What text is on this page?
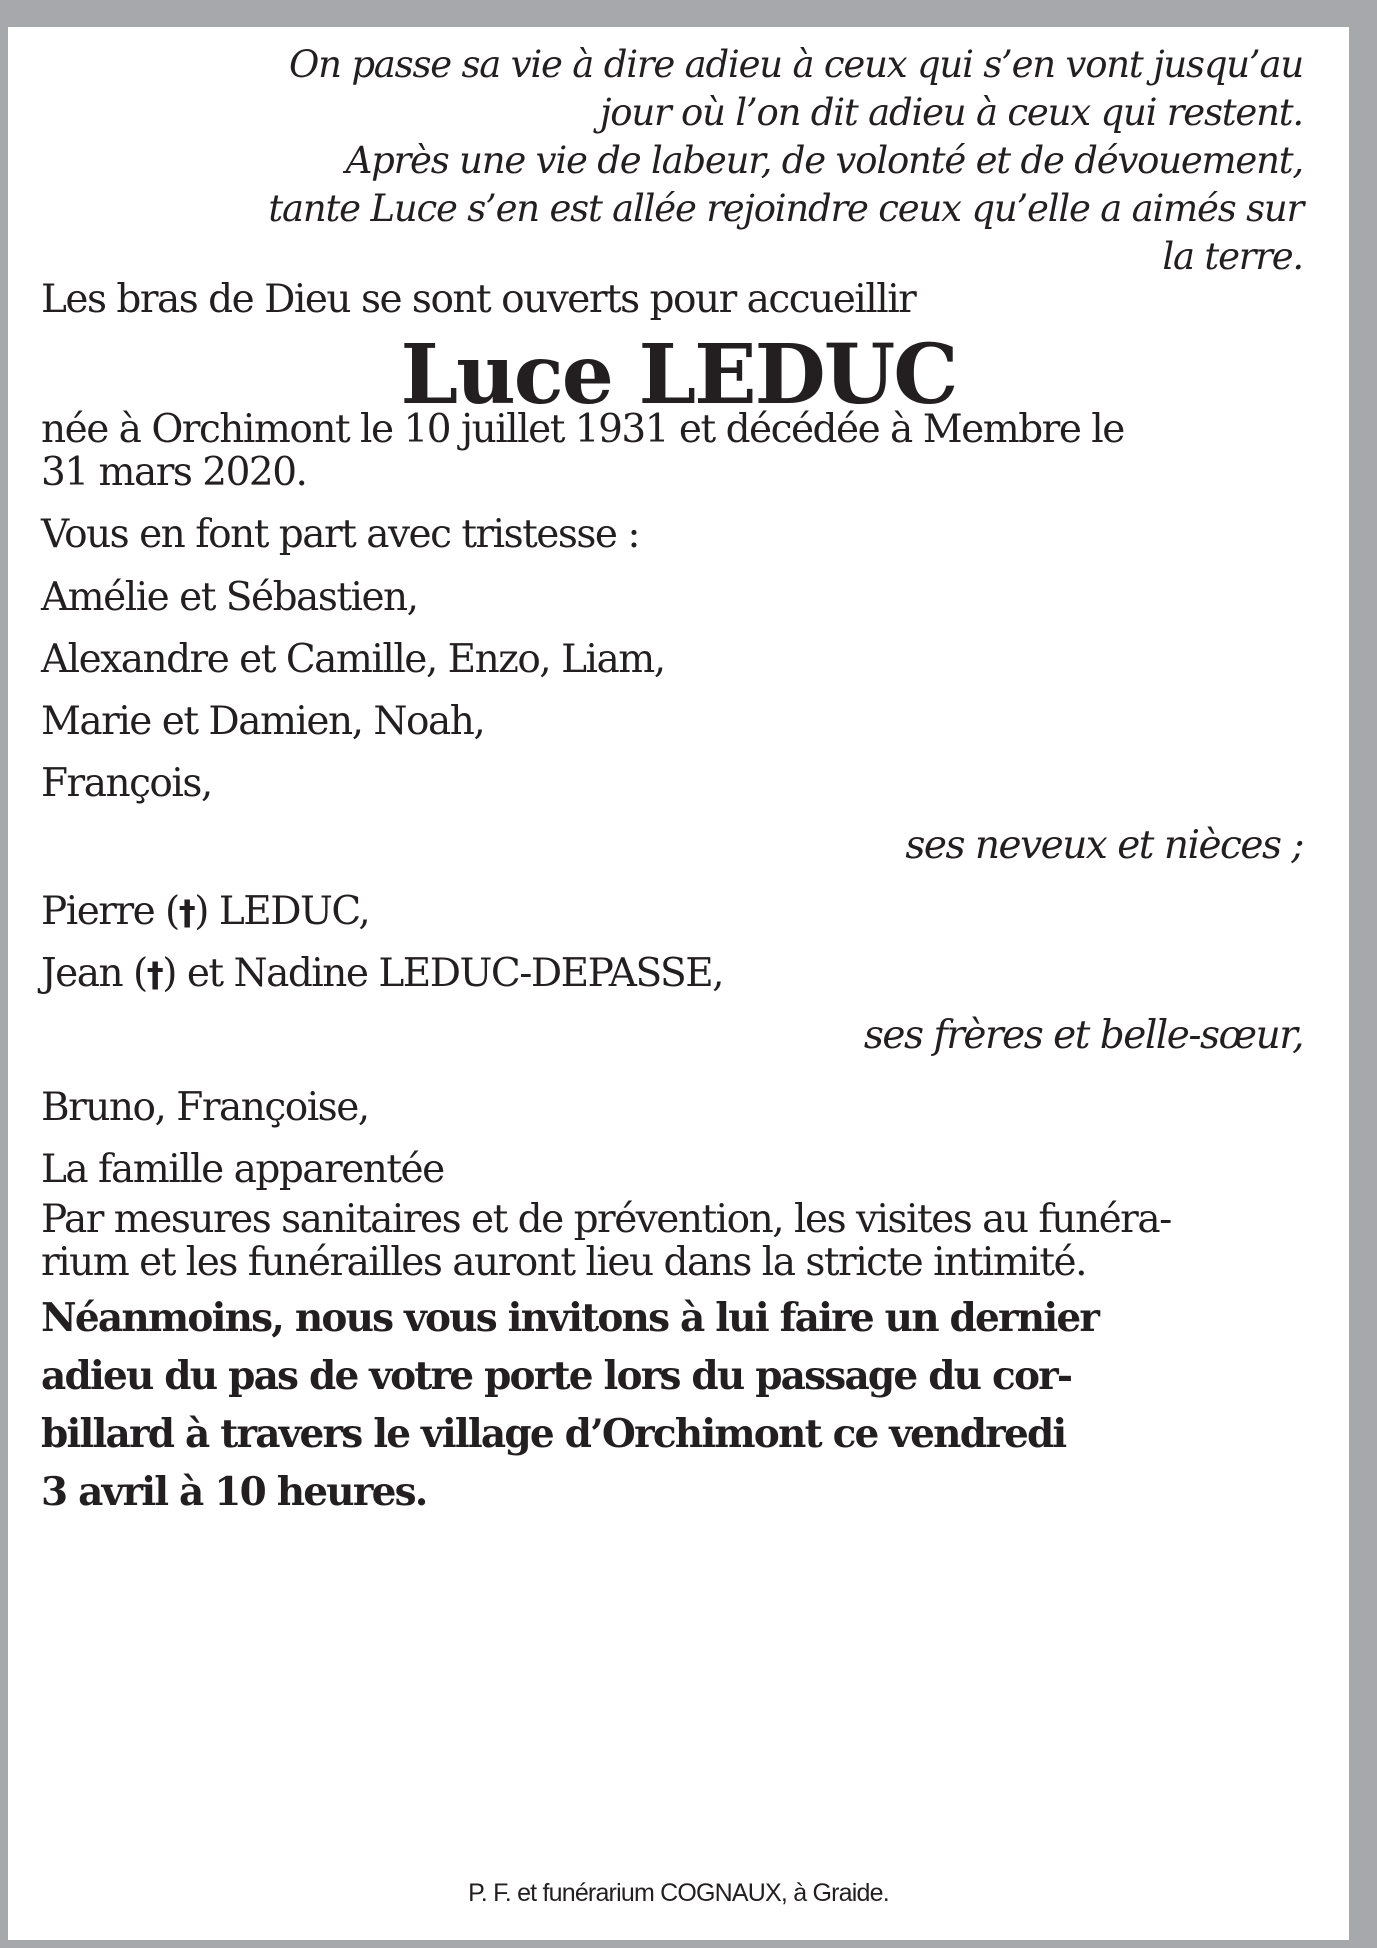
On passe sa vie à dire adieu à ceux qui s’en vont jusqu’au
jour où l’on dit adieu à ceux qui restent.
Après une vie de labeur, de volonté et de dévouement,
tante Luce s’en est allée rejoindre ceux qu’elle a aimés sur
la terre.
Les bras de Dieu se sont ouverts pour accueillir
Luce LEDUC
née à Orchimont le 10 juillet 1931 et décédée à Membre le
31 mars 2020.
Vous en font part avec tristesse :
Amélie et Sébastien,
Alexandre et Camille, Enzo, Liam,
Marie et Damien, Noah,
François,
ses neveux et nièces ;
Pierre (†) LEDUC,
Jean (†) et Nadine LEDUC-DEPASSE,
ses frères et belle-sœur,
Bruno, Françoise,
La famille apparentée
Par mesures sanitaires et de prévention, les visites au funéra-
rium et les funérailles auront lieu dans la stricte intimité.
Néanmoins, nous vous invitons à lui faire un dernier
adieu du pas de votre porte lors du passage du cor-
billard à travers le village d’Orchimont ce vendredi
3 avril à 10 heures.
P. F. et funérarium COGNAUX, à Graide.
